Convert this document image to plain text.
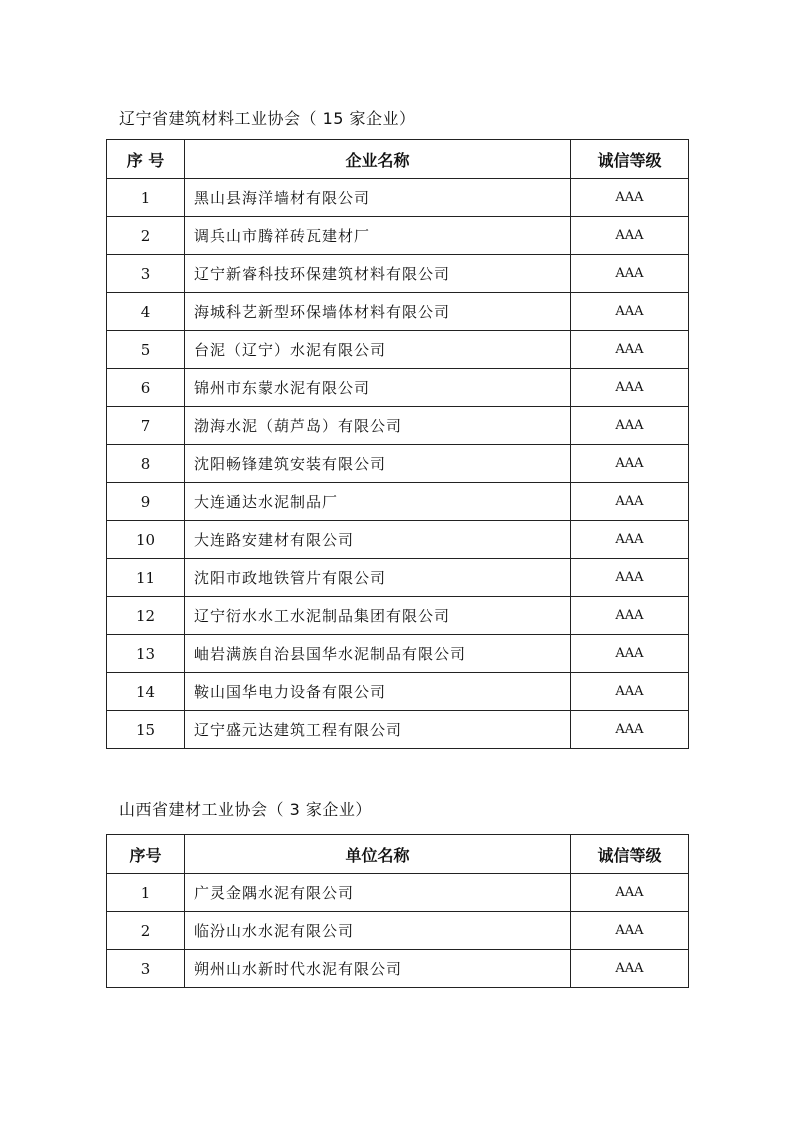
辽宁省建筑材料工业协会（ 15 家企业）
序 号	企业名称	诚信等级
1	黑山县海洋墙材有限公司	AAA
2	调兵山市腾祥砖瓦建材厂	AAA
3	辽宁新睿科技环保建筑材料有限公司	AAA
4	海城科艺新型环保墙体材料有限公司	AAA
5	台泥（辽宁）水泥有限公司	AAA
6	锦州市东蒙水泥有限公司	AAA
7	渤海水泥（葫芦岛）有限公司	AAA
8	沈阳畅锋建筑安装有限公司	AAA
9	大连通达水泥制品厂	AAA
10	大连路安建材有限公司	AAA
11	沈阳市政地铁管片有限公司	AAA
12	辽宁衍水水工水泥制品集团有限公司	AAA
13	岫岩满族自治县国华水泥制品有限公司	AAA
14	鞍山国华电力设备有限公司	AAA
15	辽宁盛元达建筑工程有限公司	AAA
山西省建材工业协会（ 3 家企业）
序号	单位名称	诚信等级
1	广灵金隅水泥有限公司	AAA
2	临汾山水水泥有限公司	AAA
3	朔州山水新时代水泥有限公司	AAA
